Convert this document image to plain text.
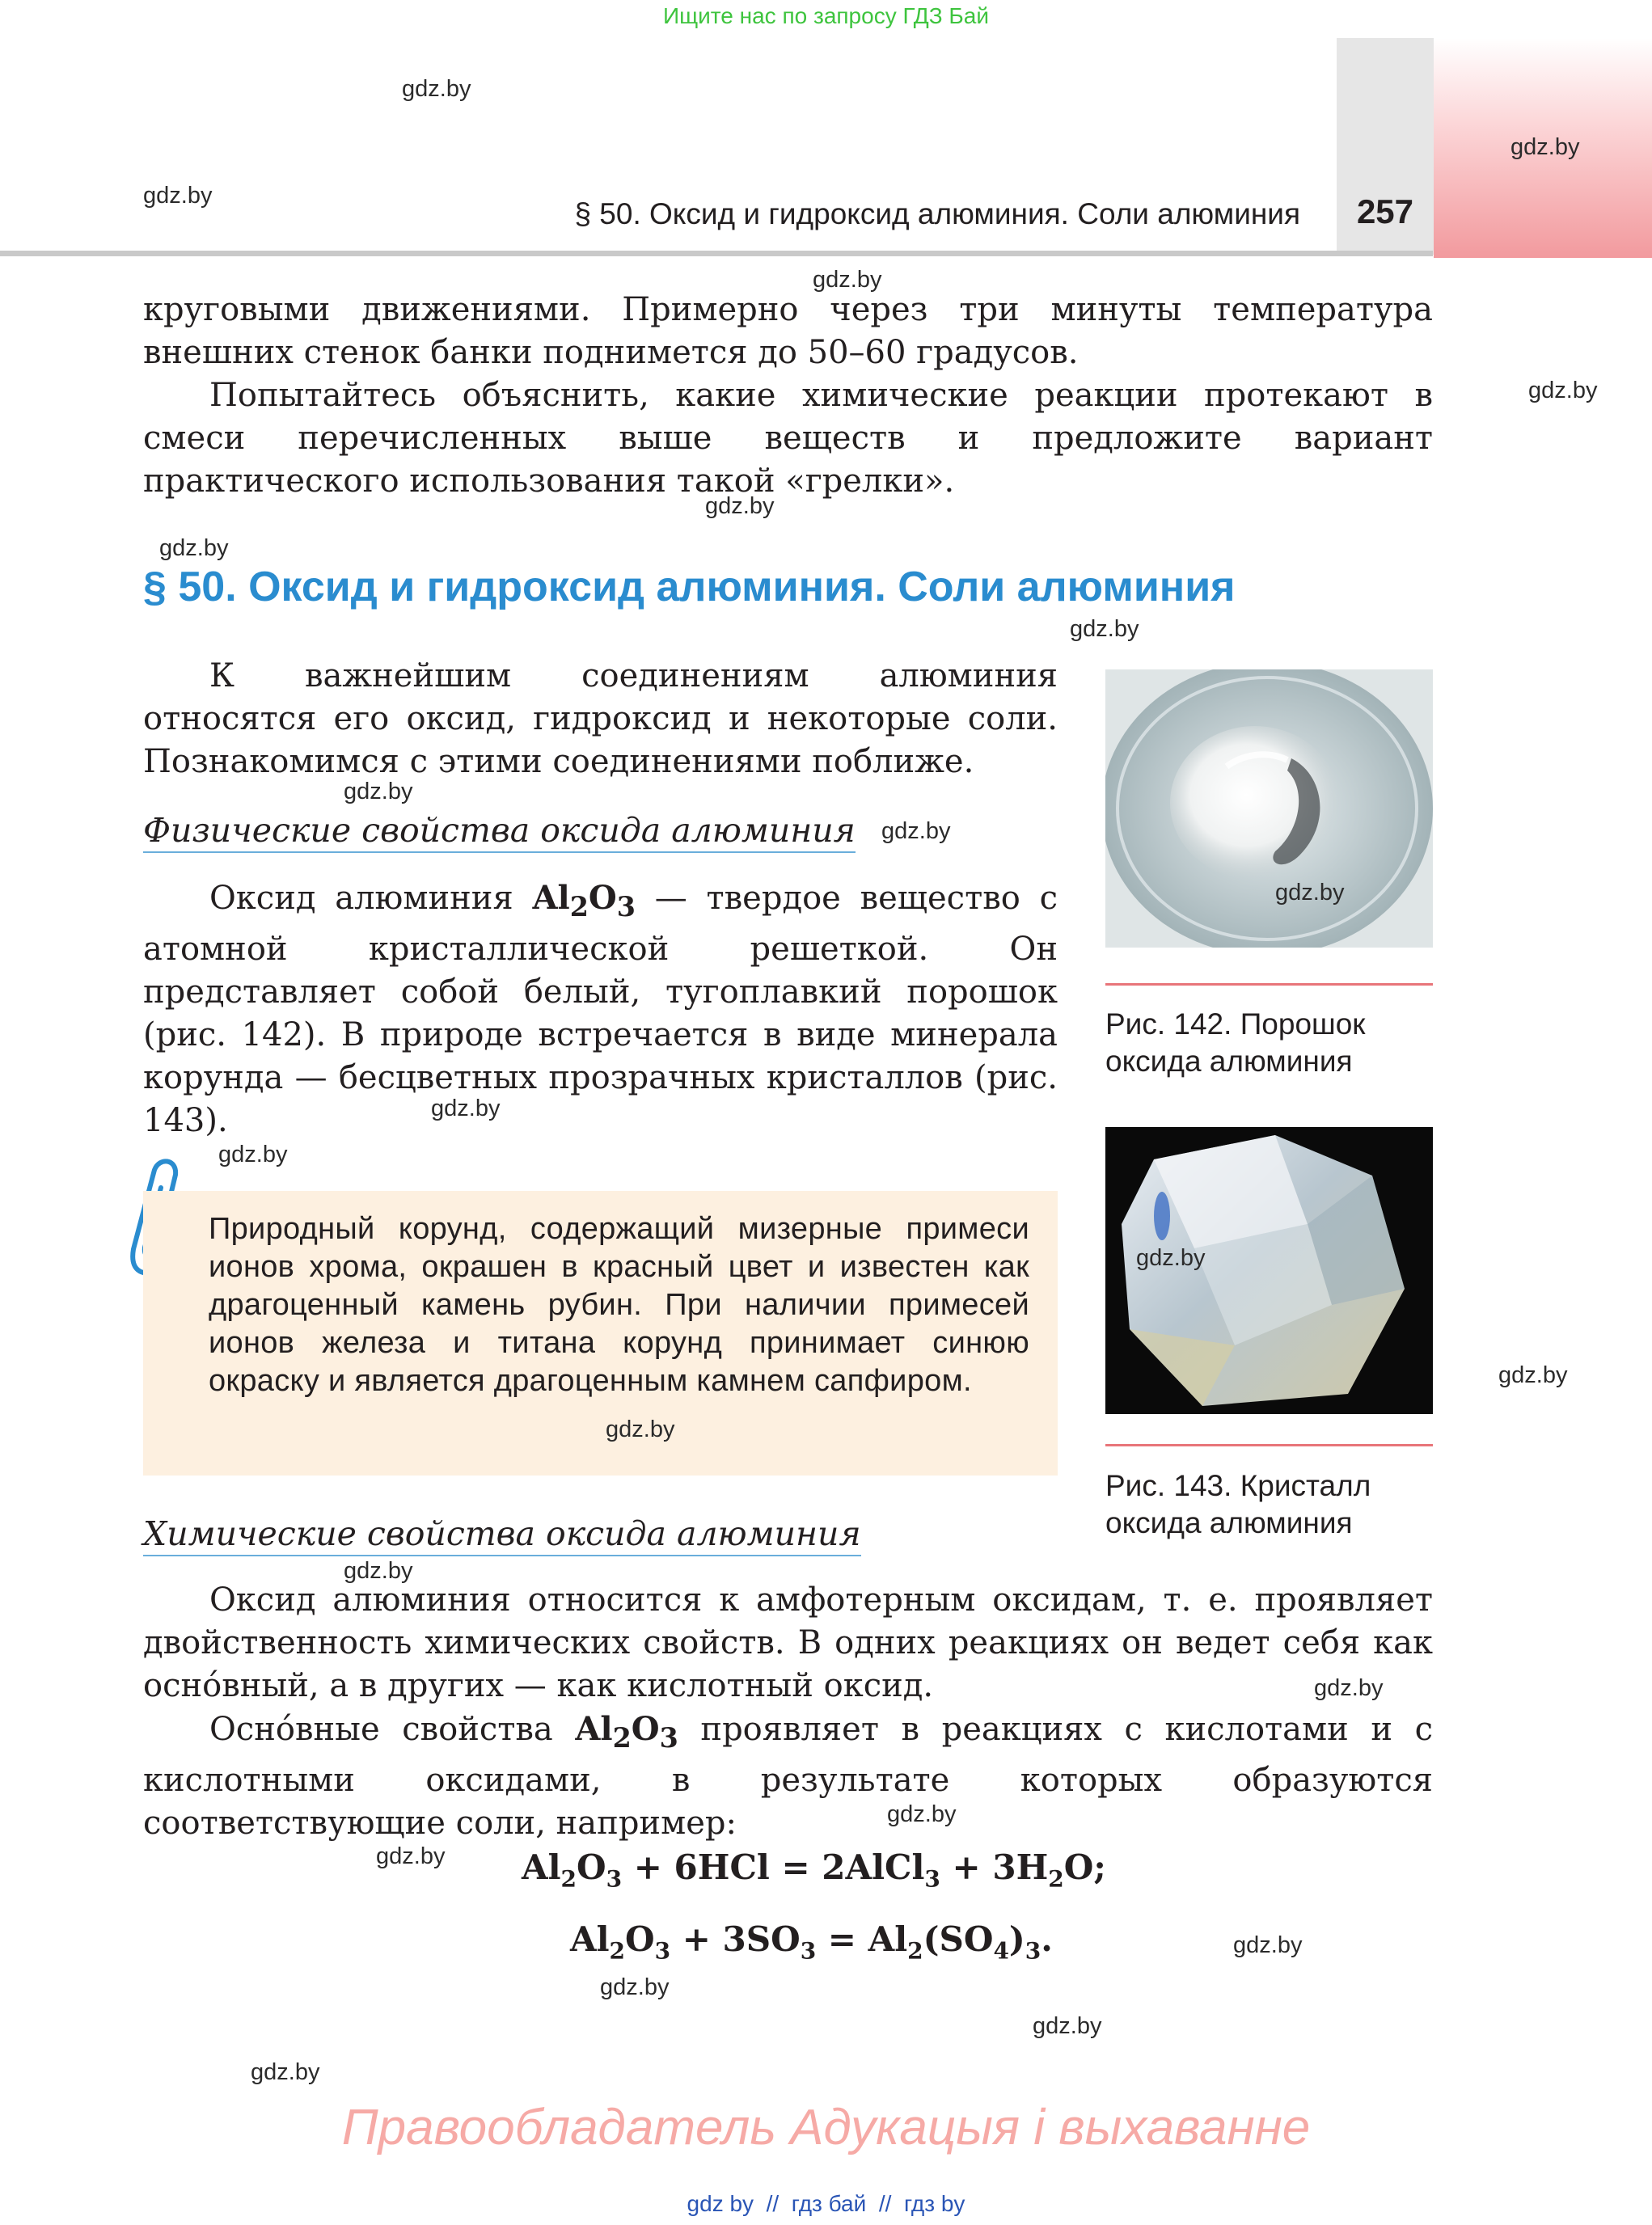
Ищите нас по запросу ГДЗ Бай
§ 50. Оксид и гидроксид алюминия. Соли алюминия	257

круговыми движениями. Примерно через три минуты температура внешних стенок банки поднимется до 50–60 градусов.

Попытайтесь объяснить, какие химические реакции протекают в смеси перечисленных выше веществ и предложите вариант практического использования такой «грелки».

§ 50. Оксид и гидроксид алюминия. Соли алюминия

К важнейшим соединениям алюминия относятся его оксид, гидроксид и некоторые соли. Познакомимся с этими соединениями поближе.

Физические свойства оксида алюминия

Оксид алюминия $Al_2O_3$ — твердое вещество с атомной кристаллической решеткой. Он представляет собой белый, тугоплавкий порошок (рис. 142). В природе встречается в виде минерала корунда — бесцветных прозрачных кристаллов (рис. 143).

Природный корунд, содержащий мизерные примеси ионов хрома, окрашен в красный цвет и известен как драгоценный камень рубин. При наличии примесей ионов железа и титана корунд принимает синюю окраску и является драгоценным камнем сапфиром.
Рис. 142. Порошок
оксида алюминия
Рис. 143. Кристалл
оксида алюминия
Химические свойства оксида алюминия

Оксид алюминия относится к амфотерным оксидам, т. е. проявляет двойственность химических свойств. В одних реакциях он ведет себя как осно́вный, а в других — как кислотный оксид.

Осно́вные свойства $Al_2O_3$ проявляет в реакциях с кислотами и с кислотными оксидами, в результате которых образуются соответствующие соли, например:

$Al_2O_3 + 6HCl$ = 2AlCl$_3$ + $3H_2O$;
$Al_2O_3 + 3SO_3 = Al_2(SO_4)_3$.
gdz.by
gdz.by
gdz.by
gdz.by
gdz.by
gdz.by
gdz.by
gdz.by
gdz.by
gdz.by
gdz.by
gdz.by
gdz.by
gdz.by
gdz.by
gdz.by
gdz.by
gdz.by
gdz.by
gdz.by
gdz.by
gdz.by
gdz.by
gdz.by
Правообладатель Адукацыя і выхаванне
gdz by // гдз бай // гдз by
